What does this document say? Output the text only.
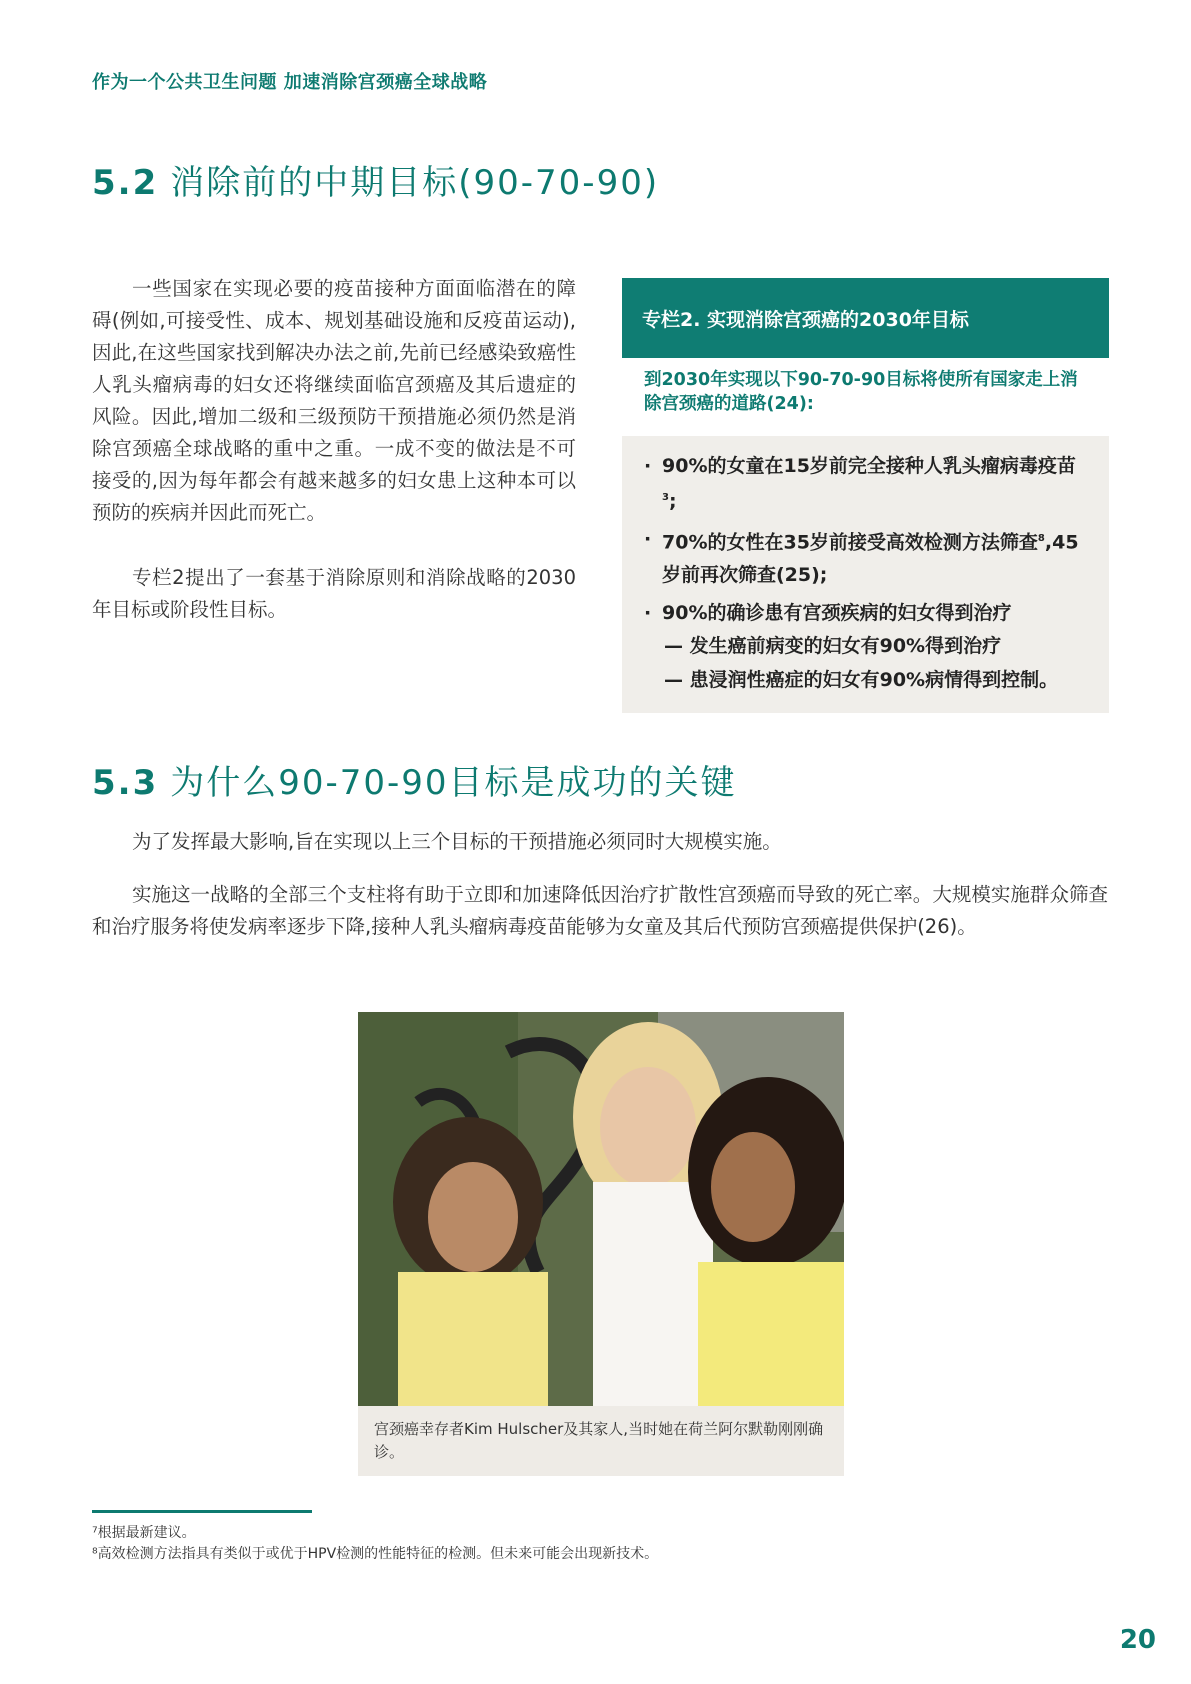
作为一个公共卫生问题 加速消除宫颈癌全球战略
5.2 消除前的中期目标(90-70-90)

一些国家在实现必要的疫苗接种方面面临潜在的障碍(例如,可接受性、成本、规划基础设施和反疫苗运动),因此,在这些国家找到解决办法之前,先前已经感染致癌性人乳头瘤病毒的妇女还将继续面临宫颈癌及其后遗症的风险。因此,增加二级和三级预防干预措施必须仍然是消除宫颈癌全球战略的重中之重。一成不变的做法是不可接受的,因为每年都会有越来越多的妇女患上这种本可以预防的疾病并因此而死亡。

专栏2提出了一套基于消除原则和消除战略的2030年目标或阶段性目标。

专栏2. 实现消除宫颈癌的2030年目标
到2030年实现以下90-70-90目标将使所有国家走上消除宫颈癌的道路(24):
· 90%的女童在15岁前完全接种人乳头瘤病毒疫苗$^3$;
· 70%的女性在35岁前接受高效检测方法筛查$^8$,45岁前再次筛查(25);
· 90%的确诊患有宫颈疾病的妇女得到治疗
— 发生癌前病变的妇女有90%得到治疗
— 患浸润性癌症的妇女有90%病情得到控制。
5.3 为什么90-70-90目标是成功的关键

为了发挥最大影响,旨在实现以上三个目标的干预措施必须同时大规模实施。

实施这一战略的全部三个支柱将有助于立即和加速降低因治疗扩散性宫颈癌而导致的死亡率。大规模实施群众筛查和治疗服务将使发病率逐步下降,接种人乳头瘤病毒疫苗能够为女童及其后代预防宫颈癌提供保护(26)。

宫颈癌幸存者Kim Hulscher及其家人,当时她在荷兰阿尔默勒刚刚确诊。
⁷根据最新建议。
⁸高效检测方法指具有类似于或优于HPV检测的性能特征的检测。但未来可能会出现新技术。
20
